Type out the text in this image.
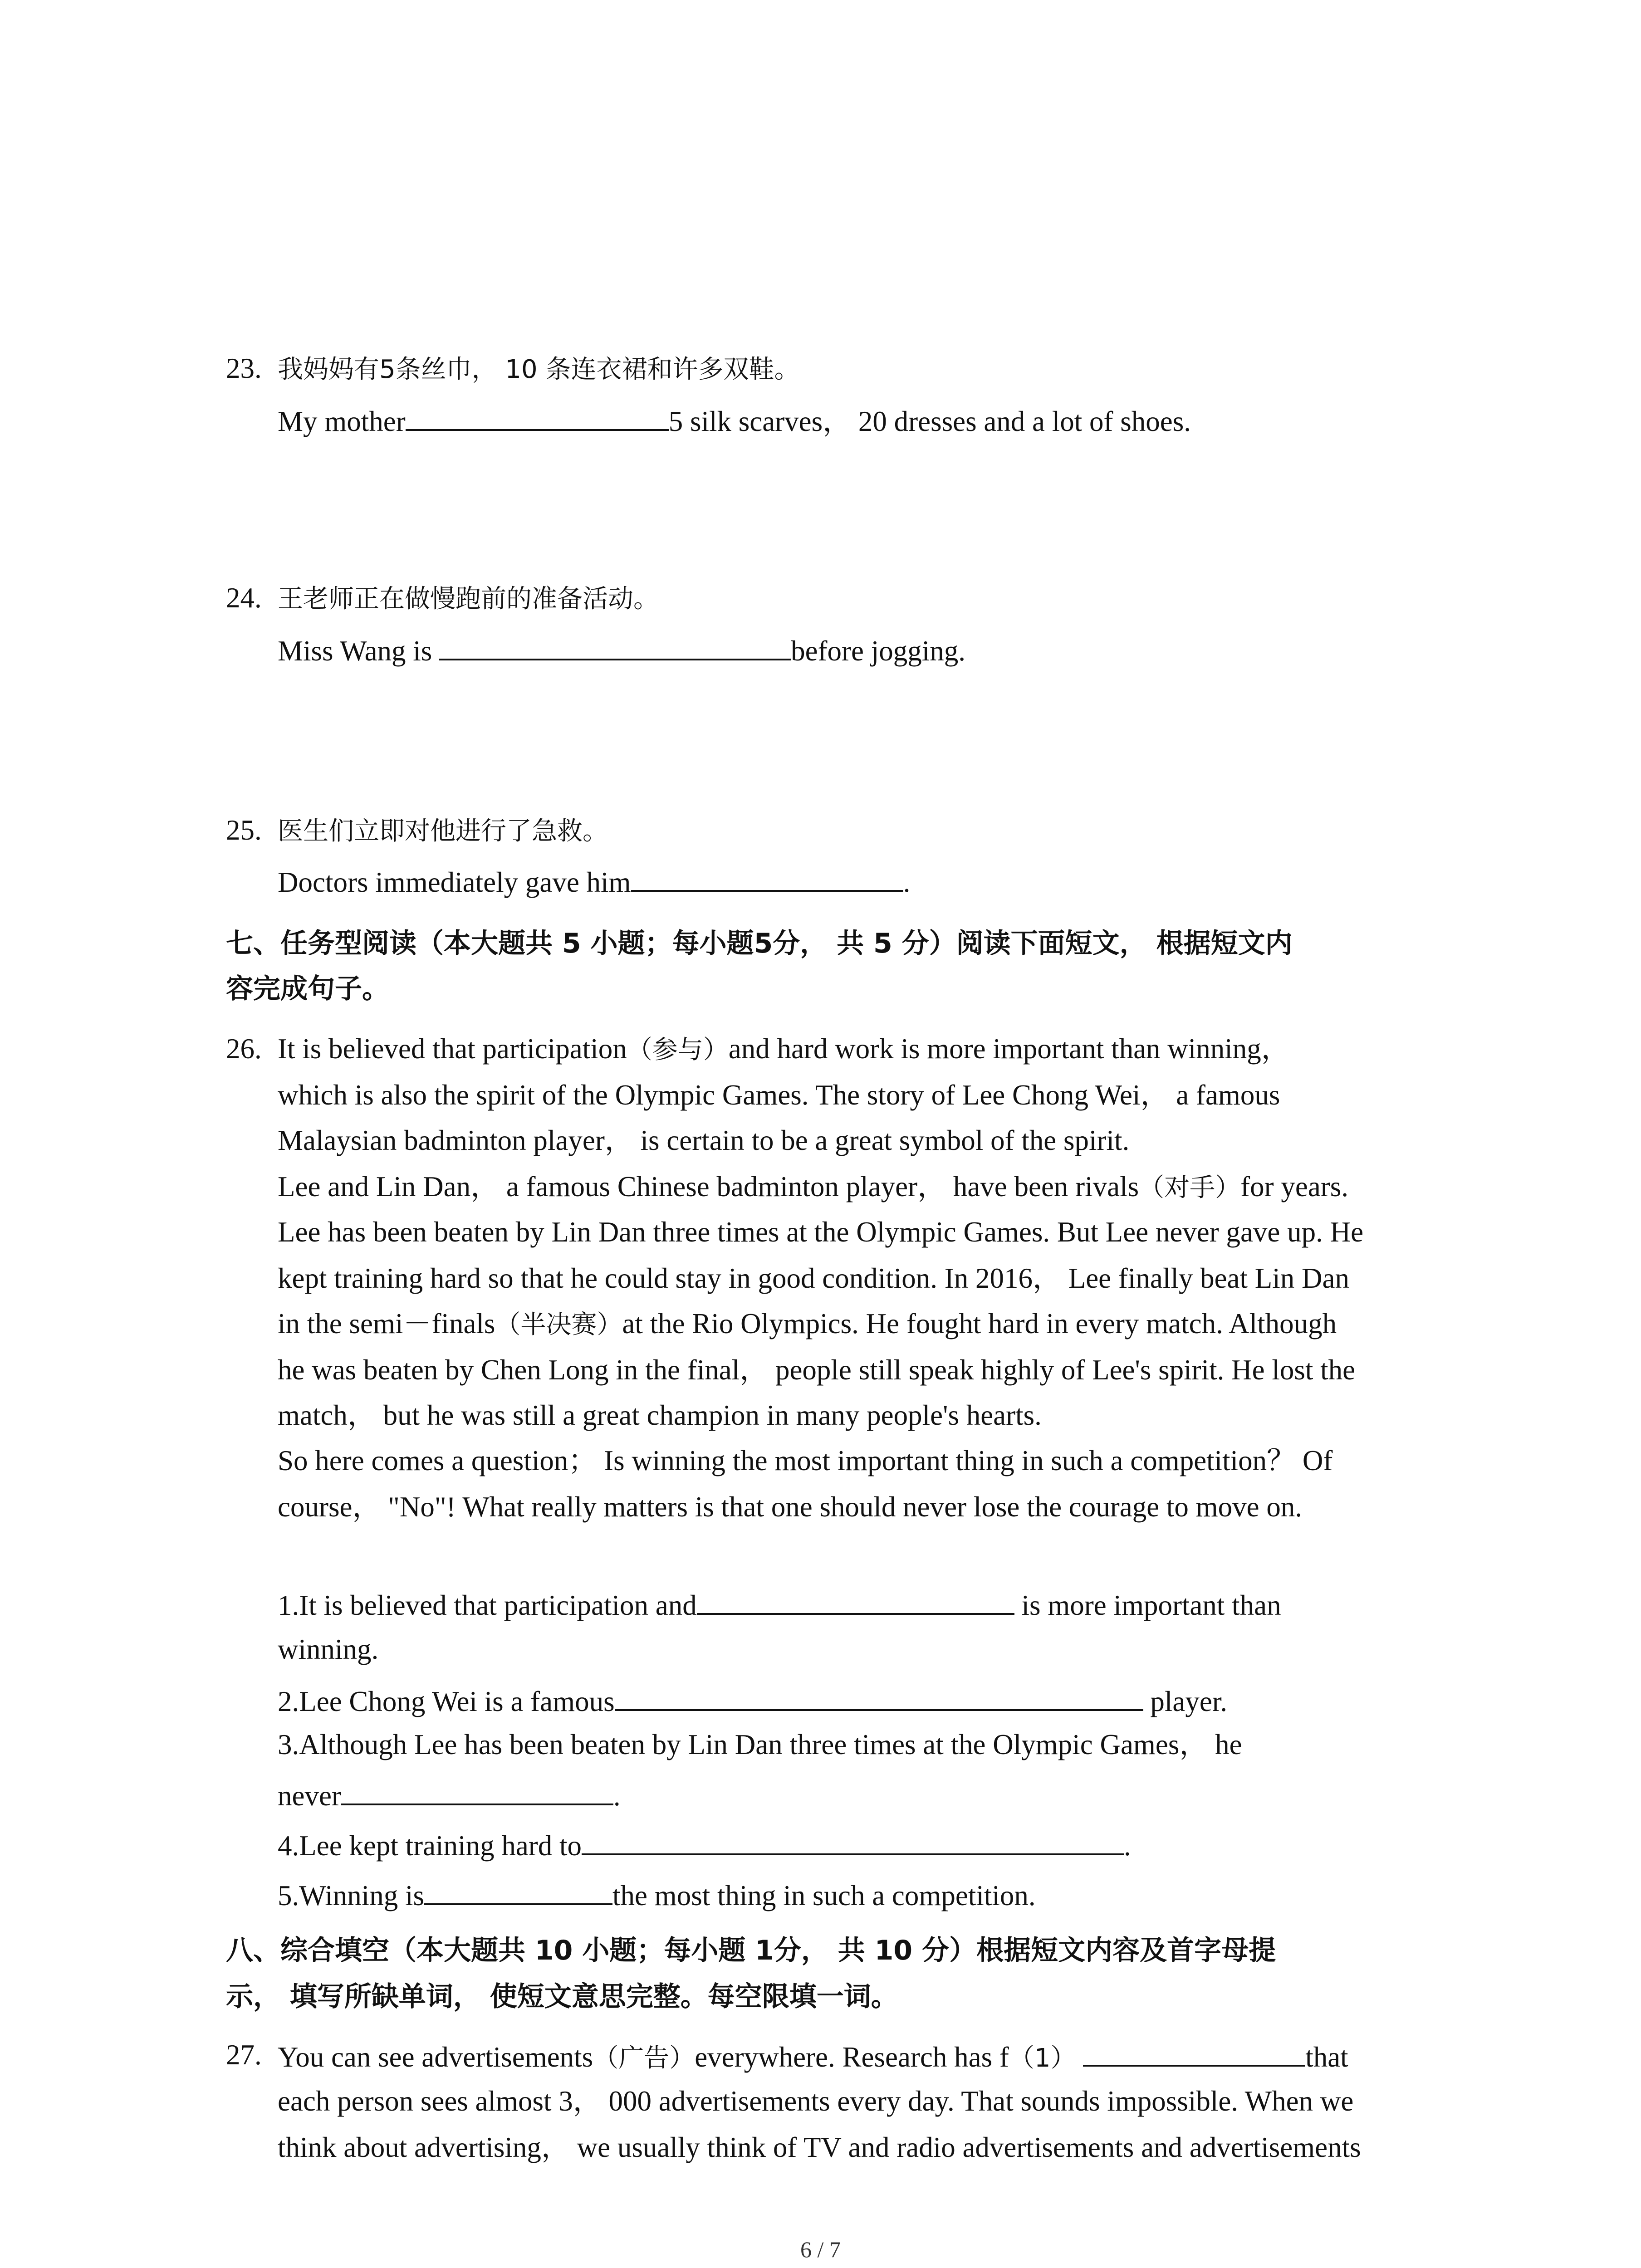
23. 我妈妈有5条丝巾， 10 条连衣裙和许多双鞋。
My mother	5 silk scarves， 20 dresses and a lot of shoes.
24. 王老师正在做慢跑前的准备活动。
Miss Wang is	before jogging.
25. 医生们立即对他进行了急救。
Doctors immediately gave him	.
七、任务型阅读（本大题共 5 小题；每小题5分， 共 5 分）阅读下面短文， 根据短文内
容完成句子。
26. It is believed that participation（参与）and hard work is more important than winning，
which is also the spirit of the Olympic Games. The story of Lee Chong Wei， a famous
Malaysian badminton player， is certain to be a great symbol of the spirit.
Lee and Lin Dan， a famous Chinese badminton player， have been rivals（对手）for years.
Lee has been beaten by Lin Dan three times at the Olympic Games. But Lee never gave up. He
kept training hard so that he could stay in good condition. In 2016， Lee finally beat Lin Dan
in the semi－finals（半决赛）at the Rio Olympics. He fought hard in every match. Although
he was beaten by Chen Long in the final， people still speak highly of Lee's spirit. He lost the
match， but he was still a great champion in many people's hearts.
So here comes a question； Is winning the most important thing in such a competition？ Of
course， "No"! What really matters is that one should never lose the courage to move on.
1.It is believed that participation and	is more important than
winning.
2.Lee Chong Wei is a famous	player.
3.Although Lee has been beaten by Lin Dan three times at the Olympic Games， he
never	.
4.Lee kept training hard to	.
5.Winning is	the most thing in such a competition.
八、综合填空（本大题共 10 小题；每小题 1分， 共 10 分）根据短文内容及首字母提
示， 填写所缺单词， 使短文意思完整。每空限填一词。
27. You can see advertisements（广告）everywhere. Research has f（1）	that
each person sees almost 3， 000 advertisements every day. That sounds impossible. When we
think about advertising， we usually think of TV and radio advertisements and advertisements
6 / 7
